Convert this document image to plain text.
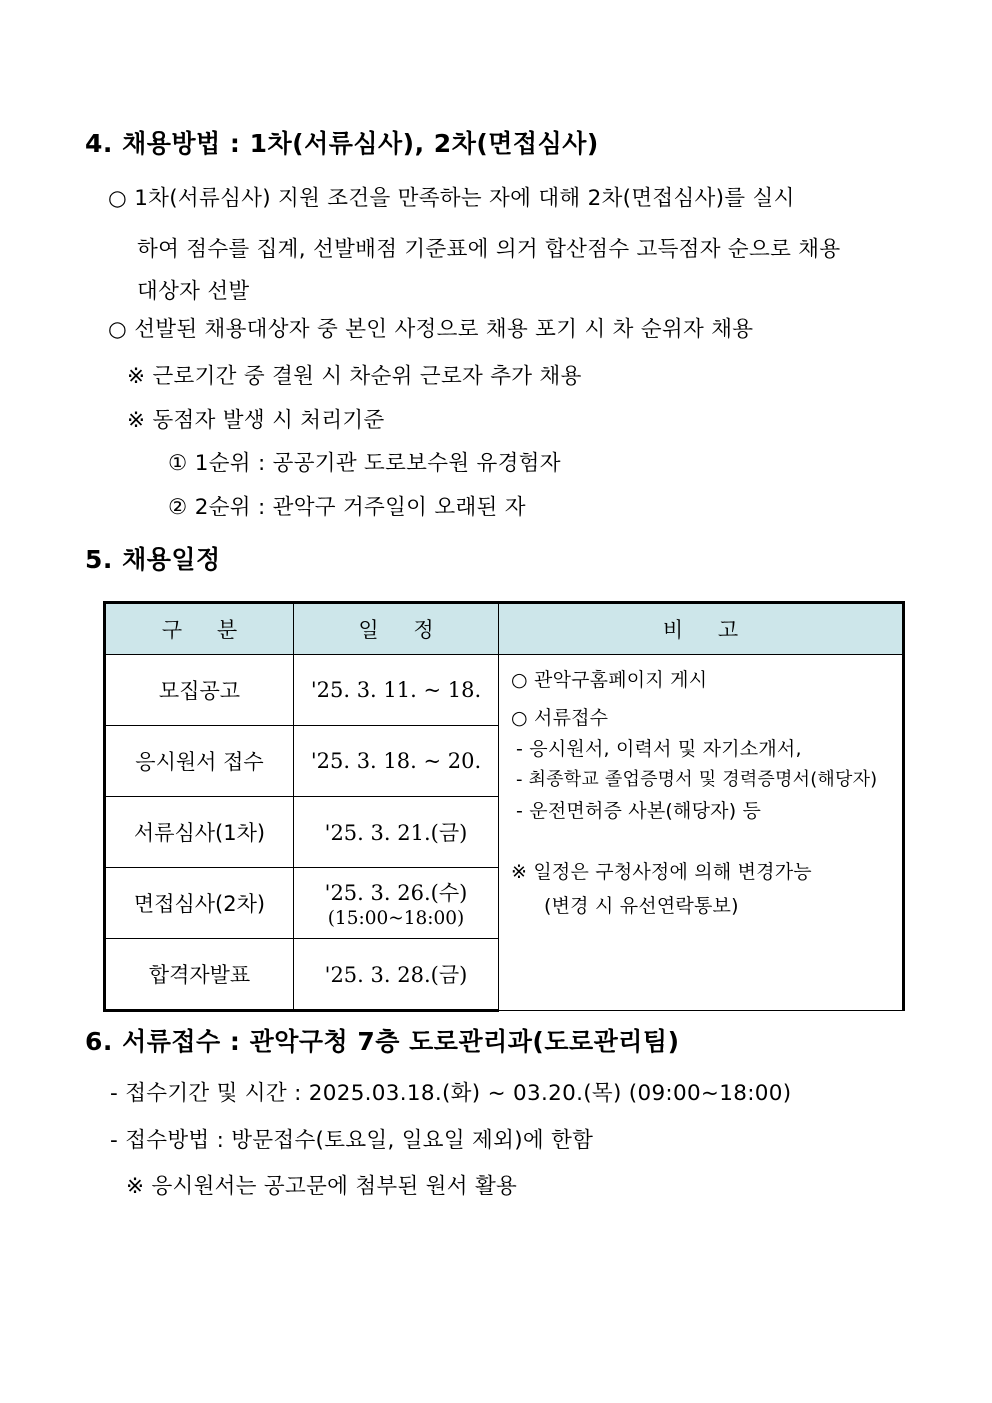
4. 채용방법 : 1차(서류심사), 2차(면접심사)
○ 1차(서류심사) 지원 조건을 만족하는 자에 대해 2차(면접심사)를 실시
하여 점수를 집계, 선발배점 기준표에 의거 합산점수 고득점자 순으로 채용
대상자 선발
○ 선발된 채용대상자 중 본인 사정으로 채용 포기 시 차 순위자 채용
※ 근로기간 중 결원 시 차순위 근로자 추가 채용
※ 동점자 발생 시 처리기준
① 1순위 : 공공기관 도로보수원 유경험자
② 2순위 : 관악구 거주일이 오래된 자
5. 채용일정
구 분	일 정	비 고
모집공고	'25. 3. 11. ~ 18.	○ 관악구홈페이지 게시
○ 서류접수
- 응시원서, 이력서 및 자기소개서,
- 최종학교 졸업증명서 및 경력증명서(해당자)
- 운전면허증 사본(해당자) 등
※ 일정은 구청사정에 의해 변경가능
(변경 시 유선연락통보)

응시원서 접수	'25. 3. 18. ~ 20.	
서류심사(1차)	'25. 3. 21.(금)	
면접심사(2차)	'25. 3. 26.(수)
(15:00~18:00)	

합격자발표	'25. 3. 28.(금)	
6. 서류접수 : 관악구청 7층 도로관리과(도로관리팀)
- 접수기간 및 시간 : 2025.03.18.(화) ~ 03.20.(목) (09:00~18:00)
- 접수방법 : 방문접수(토요일, 일요일 제외)에 한함
※ 응시원서는 공고문에 첨부된 원서 활용
